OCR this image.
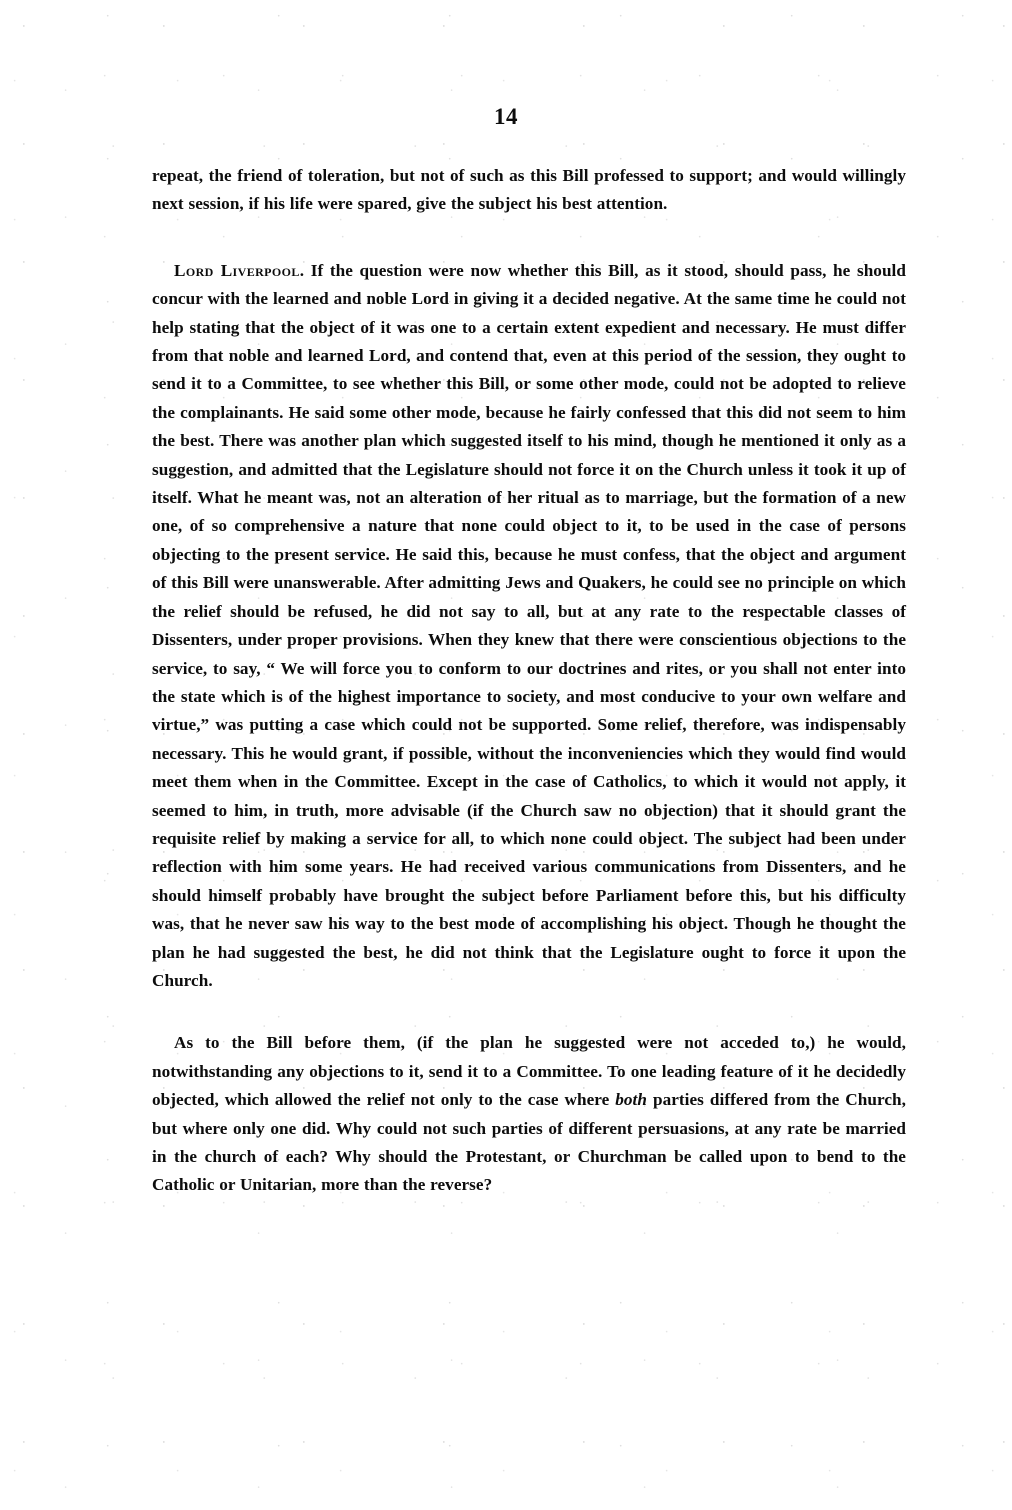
14

repeat, the friend of toleration, but not of such as this Bill professed to support; and would willingly next session, if his life were spared, give the subject his best attention.

Lord Liverpool. If the question were now whether this Bill, as it stood, should pass, he should concur with the learned and noble Lord in giving it a decided negative. At the same time he could not help stating that the object of it was one to a certain extent expedient and necessary. He must differ from that noble and learned Lord, and contend that, even at this period of the session, they ought to send it to a Committee, to see whether this Bill, or some other mode, could not be adopted to relieve the complainants. He said some other mode, because he fairly confessed that this did not seem to him the best. There was another plan which suggested itself to his mind, though he mentioned it only as a suggestion, and admitted that the Legislature should not force it on the Church unless it took it up of itself. What he meant was, not an alteration of her ritual as to marriage, but the formation of a new one, of so comprehensive a nature that none could object to it, to be used in the case of persons objecting to the present service. He said this, because he must confess, that the object and argument of this Bill were unanswerable. After admitting Jews and Quakers, he could see no principle on which the relief should be refused, he did not say to all, but at any rate to the respectable classes of Dissenters, under proper provisions. When they knew that there were conscientious objections to the service, to say, “ We will force you to conform to our doctrines and rites, or you shall not enter into the state which is of the highest importance to society, and most conducive to your own welfare and virtue,” was putting a case which could not be supported. Some relief, therefore, was indispensably necessary. This he would grant, if possible, without the inconveniencies which they would find would meet them when in the Committee. Except in the case of Catholics, to which it would not apply, it seemed to him, in truth, more advisable (if the Church saw no objection) that it should grant the requisite relief by making a service for all, to which none could object. The subject had been under reflection with him some years. He had received various communications from Dissenters, and he should himself probably have brought the subject before Parliament before this, but his difficulty was, that he never saw his way to the best mode of accomplishing his object. Though he thought the plan he had suggested the best, he did not think that the Legislature ought to force it upon the Church.

As to the Bill before them, (if the plan he suggested were not acceded to,) he would, notwithstanding any objections to it, send it to a Committee. To one leading feature of it he decidedly objected, which allowed the relief not only to the case where both parties differed from the Church, but where only one did. Why could not such parties of different persuasions, at any rate be married in the church of each? Why should the Protestant, or Churchman be called upon to bend to the Catholic or Unitarian, more than the reverse?
